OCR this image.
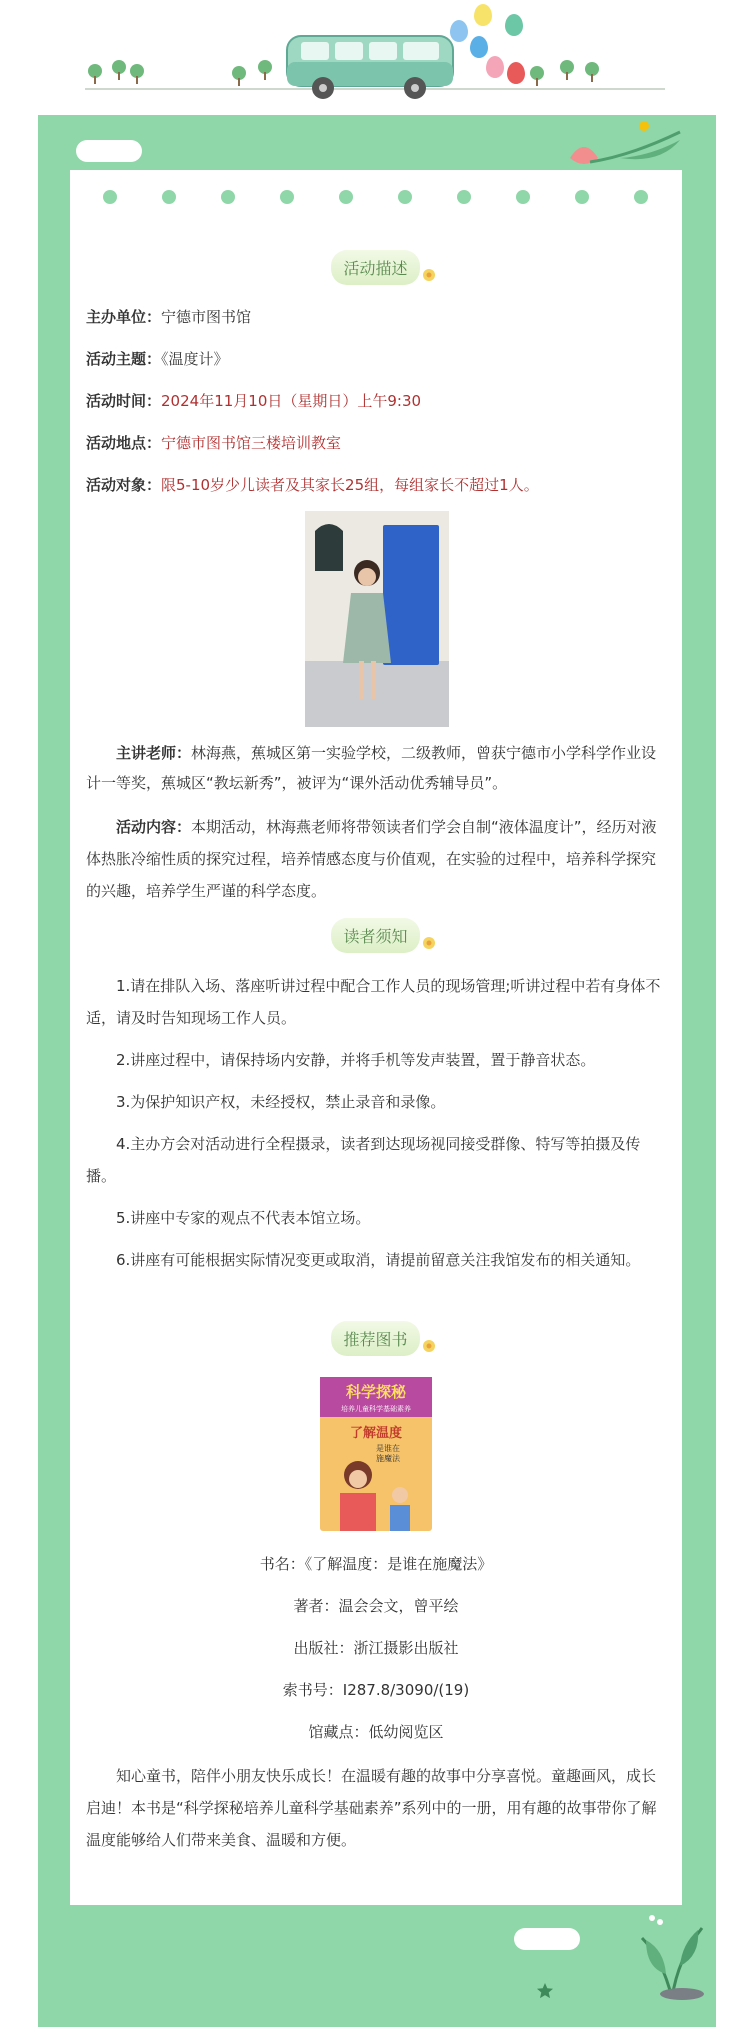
活动描述

主办单位：宁德市图书馆

活动主题：《温度计》

活动时间：2024年11月10日（星期日）上午9:30

活动地点：宁德市图书馆三楼培训教室

活动对象：限5-10岁少儿读者及其家长25组，每组家长不超过1人。

主讲老师：林海燕，蕉城区第一实验学校，二级教师，曾获宁德市小学科学作业设计一等奖，蕉城区“教坛新秀”，被评为“课外活动优秀辅导员”。

活动内容：本期活动，林海燕老师将带领读者们学会自制“液体温度计”，经历对液体热胀冷缩性质的探究过程，培养情感态度与价值观，在实验的过程中，培养科学探究的兴趣，培养学生严谨的科学态度。

读者须知

1.请在排队入场、落座听讲过程中配合工作人员的现场管理;听讲过程中若有身体不适，请及时告知现场工作人员。

2.讲座过程中，请保持场内安静，并将手机等发声装置，置于静音状态。

3.为保护知识产权，未经授权，禁止录音和录像。

4.主办方会对活动进行全程摄录，读者到达现场视同接受群像、特写等拍摄及传播。

5.讲座中专家的观点不代表本馆立场。

6.讲座有可能根据实际情况变更或取消，请提前留意关注我馆发布的相关通知。

推荐图书
科学探秘
培养儿童科学基础素养
了解温度
是谁在
施魔法

书名：《了解温度：是谁在施魔法》

著者：温会会文，曾平绘

出版社：浙江摄影出版社

索书号：I287.8/3090/(19)

馆藏点：低幼阅览区

知心童书，陪伴小朋友快乐成长！在温暖有趣的故事中分享喜悦。童趣画风，成长启迪！本书是“科学探秘培养儿童科学基础素养”系列中的一册，用有趣的故事带你了解温度能够给人们带来美食、温暖和方便。
